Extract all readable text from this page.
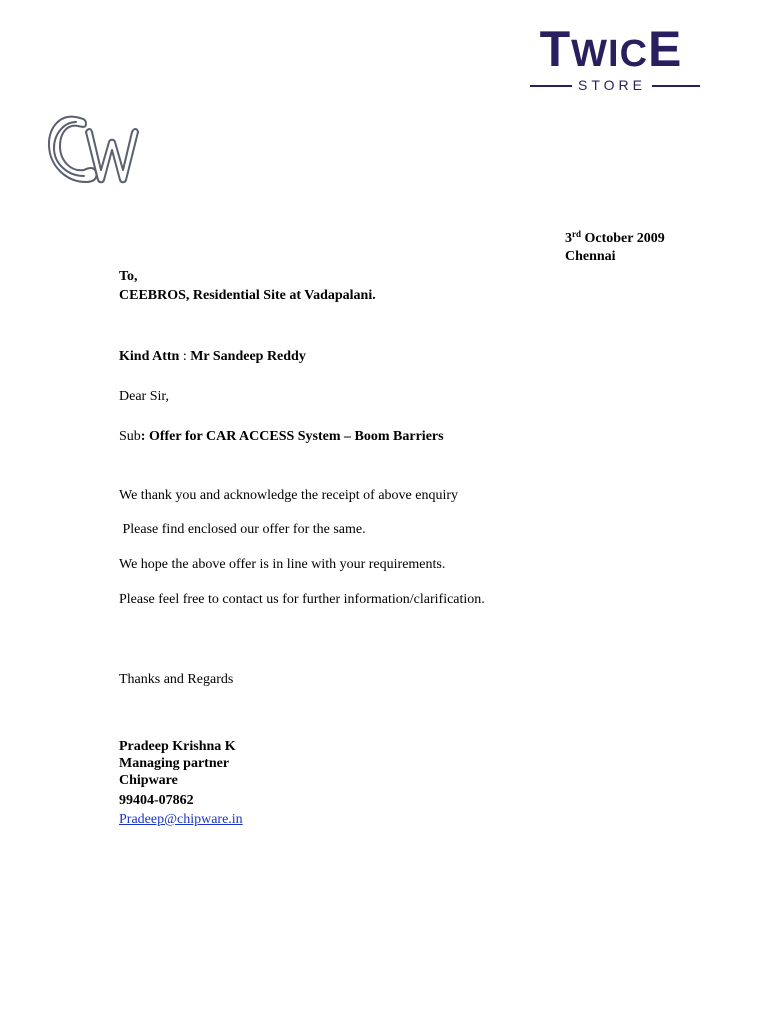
TWICE
STORE
3rd October 2009
Chennai
To,
CEEBROS, Residential Site at Vadapalani.
Kind Attn : Mr Sandeep Reddy
Dear Sir,
Sub: Offer for CAR ACCESS System – Boom Barriers
We thank you and acknowledge the receipt of above enquiry
Please find enclosed our offer for the same.
We hope the above offer is in line with your requirements.
Please feel free to contact us for further information/clarification.
Thanks and Regards
Pradeep Krishna K
Managing partner
Chipware
99404-07862
Pradeep@chipware.in
